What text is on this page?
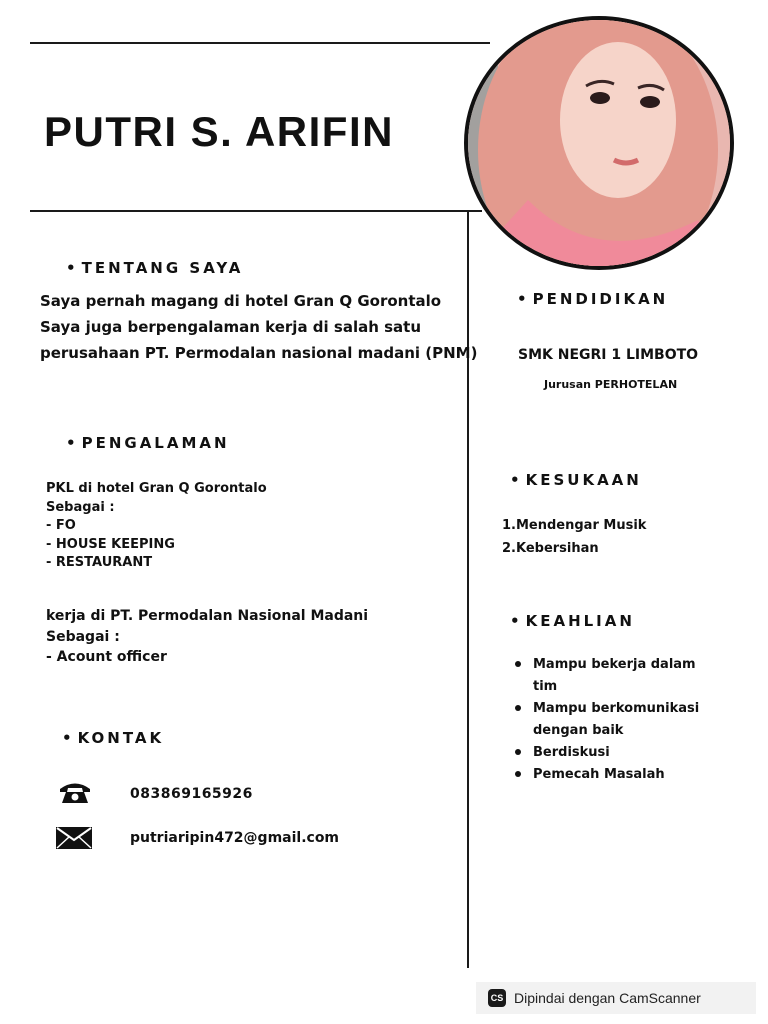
PUTRI S. ARIFIN
• TENTANG SAYA
Saya pernah magang di hotel Gran Q Gorontalo
Saya juga berpengalaman kerja di salah satu
perusahaan PT. Permodalan nasional madani (PNM)
• PENGALAMAN
PKL di hotel Gran Q Gorontalo
Sebagai :
- FO
- HOUSE KEEPING
- RESTAURANT
kerja di PT. Permodalan Nasional Madani
Sebagai :
- Acount officer
• KONTAK
083869165926
putriaripin472@gmail.com
• PENDIDIKAN
SMK NEGRI 1 LIMBOTO
Jurusan PERHOTELAN
• KESUKAAN
1.Mendengar Musik
2.Kebersihan
• KEAHLIAN
Mampu bekerja dalam tim
Mampu berkomunikasi dengan baik
Berdiskusi
Pemecah Masalah
CS Dipindai dengan CamScanner
